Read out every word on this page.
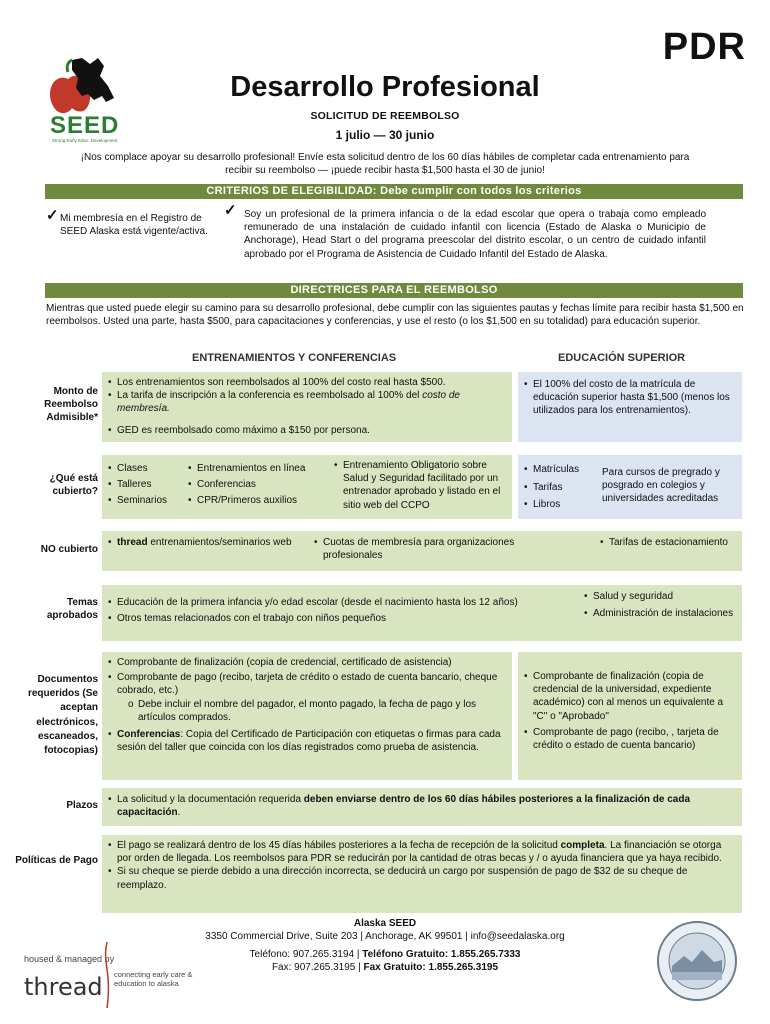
SEED
Strong Early Educ. Development
PDR
Desarrollo Profesional
SOLICITUD DE REEMBOLSO
1 julio — 30 junio
¡Nos complace apoyar su desarrollo profesional! Envíe esta solicitud dentro de los 60 días hábiles de completar cada entrenamiento para recibir su reembolso — ¡puede recibir hasta $1,500 hasta el 30 de junio!
CRITERIOS DE ELEGIBILIDAD: Debe cumplir con todos los criterios
✓ Mi membresía en el Registro de SEED Alaska está vigente/activa.
✓ Soy un profesional de la primera infancia o de la edad escolar que opera o trabaja como empleado remunerado de una instalación de cuidado infantil con licencia (Estado de Alaska o Municipio de Anchorage), Head Start o del programa preescolar del distrito escolar, o un centro de cuidado infantil aprobado por el Programa de Asistencia de Cuidado Infantil del Estado de Alaska.
DIRECTRICES PARA EL REEMBOLSO
Mientras que usted puede elegir su camino para su desarrollo profesional, debe cumplir con las siguientes pautas y fechas límite para recibir hasta $1,500 en reembolsos. Usted una parte, hasta $500, para capacitaciones y conferencias, y use el resto (o los $1,500 en su totalidad) para educación superior.
ENTRENAMIENTOS Y CONFERENCIAS	EDUCACIÓN SUPERIOR
Monto de Reembolso Admisible*
• Los entrenamientos son reembolsados al 100% del costo real hasta $500.
• La tarifa de inscripción a la conferencia es reembolsado al 100% del costo de membresía.
• GED es reembolsado como máximo a $150 por persona.
• El 100% del costo de la matrícula de educación superior hasta $1,500 (menos los utilizados para los entrenamientos).
¿Qué está cubierto?
• Clases
• Talleres
• Seminarios
• Entrenamientos en línea
• Conferencias
• CPR/Primeros auxilios
• Entrenamiento Obligatorio sobre Salud y Seguridad facilitado por un entrenador aprobado y listado en el sitio web del CCPO
• Matrículas
• Tarifas
• Libros
Para cursos de pregrado y posgrado en colegios y universidades acreditadas
NO cubierto
• thread entrenamientos/seminarios web
•	Cuotas de membresía para organizaciones profesionales
• Tarifas de estacionamiento
Temas aprobados
• Educación de la primera infancia y/o edad escolar (desde el nacimiento hasta los 12 años)
• Otros temas relacionados con el trabajo con niños pequeños
• Salud y seguridad
• Administración de instalaciones
Documentos requeridos (Se aceptan electrónicos, escaneados, fotocopias)
• Comprobante de finalización (copia de credencial, certificado de asistencia)
• Comprobante de pago (recibo, tarjeta de crédito o estado de cuenta bancario, cheque cobrado, etc.)
o Debe incluir el nombre del pagador, el monto pagado, la fecha de pago y los artículos comprados.
• Conferencias: Copia del Certificado de Participación con etiquetas o firmas para cada sesión del taller que coincida con los días registrados como prueba de asistencia.
• Comprobante de finalización (copia de credencial de la universidad, expediente académico) con al menos un equivalente a "C" o "Aprobado"
• Comprobante de pago (recibo, , tarjeta de crédito o estado de cuenta bancario)
Plazos
• La solicitud y la documentación requerida deben enviarse dentro de los 60 días hábiles posteriores a la finalización de cada capacitación.
Políticas de Pago
• El pago se realizará dentro de los 45 días hábiles posteriores a la fecha de recepción de la solicitud completa. La financiación se otorga por orden de llegada. Los reembolsos para PDR se reducirán por la cantidad de otras becas y / o ayuda financiera que ya haya recibido.
• Si su cheque se pierde debido a una dirección incorrecta, se deducirá un cargo por suspensión de pago de $32 de su cheque de reemplazo.
Alaska SEED
3350 Commercial Drive, Suite 203 | Anchorage, AK 99501 | info@seedalaska.org
Teléfono: 907.265.3194 | Teléfono Gratuito: 1.855.265.7333
Fax: 907.265.3195 | Fax Gratuito: 1.855.265.3195
housed & managed by
thread connecting early care & education to alaska
